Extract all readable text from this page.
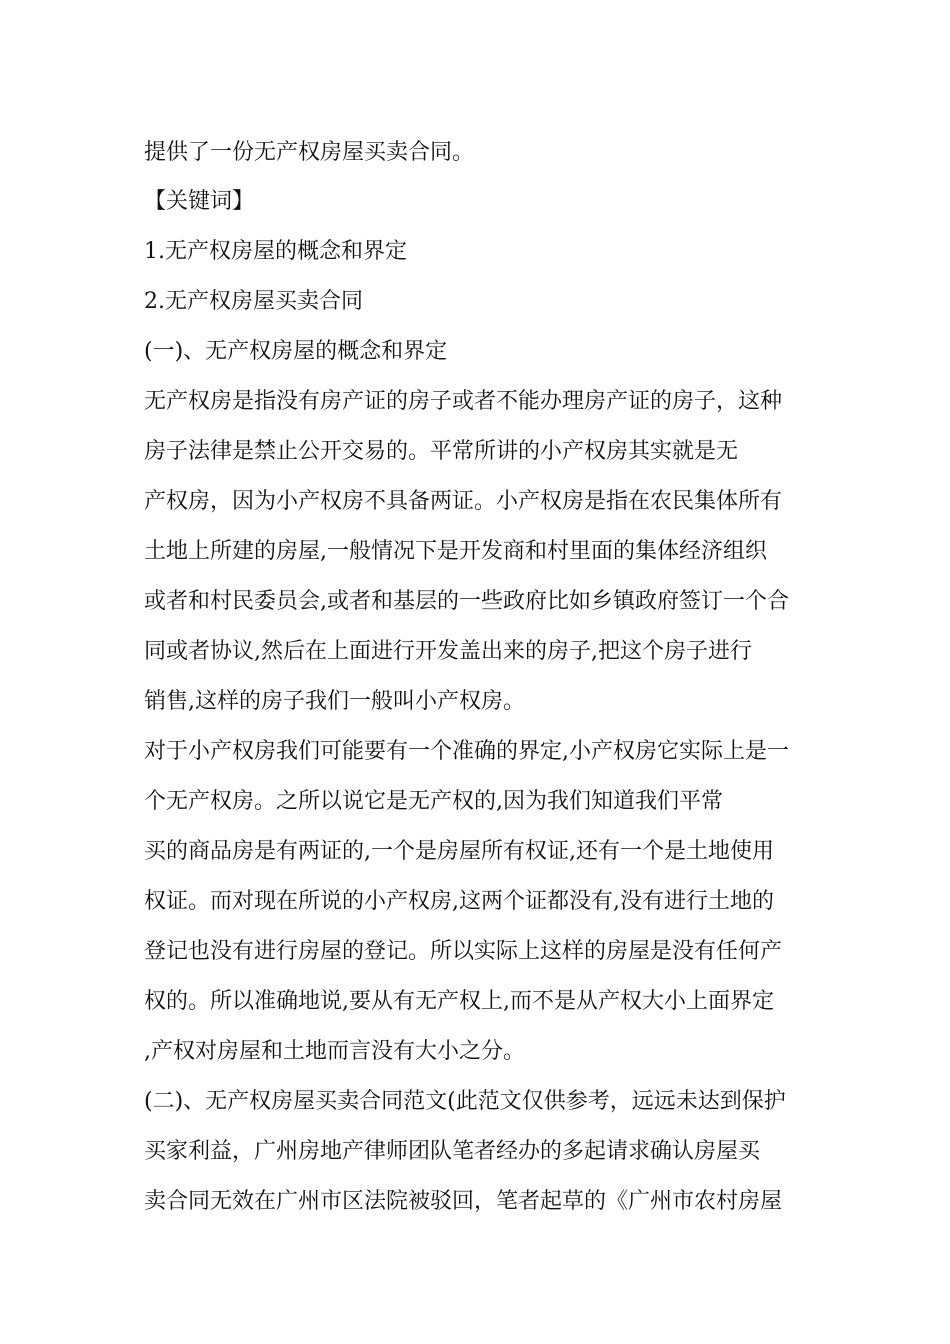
提供了一份无产权房屋买卖合同。
【关键词】
1.无产权房屋的概念和界定
2.无产权房屋买卖合同
(一)、无产权房屋的概念和界定
无产权房是指没有房产证的房子或者不能办理房产证的房子，这种
房子法律是禁止公开交易的。平常所讲的小产权房其实就是无
产权房，因为小产权房不具备两证。小产权房是指在农民集体所有
土地上所建的房屋,一般情况下是开发商和村里面的集体经济组织
或者和村民委员会,或者和基层的一些政府比如乡镇政府签订一个合
同或者协议,然后在上面进行开发盖出来的房子,把这个房子进行
销售,这样的房子我们一般叫小产权房。
对于小产权房我们可能要有一个准确的界定,小产权房它实际上是一
个无产权房。之所以说它是无产权的,因为我们知道我们平常
买的商品房是有两证的,一个是房屋所有权证,还有一个是土地使用
权证。而对现在所说的小产权房,这两个证都没有,没有进行土地的
登记也没有进行房屋的登记。所以实际上这样的房屋是没有任何产
权的。所以准确地说,要从有无产权上,而不是从产权大小上面界定
,产权对房屋和土地而言没有大小之分。
(二)、无产权房屋买卖合同范文(此范文仅供参考，远远未达到保护
买家利益，广州房地产律师团队笔者经办的多起请求确认房屋买
卖合同无效在广州市区法院被驳回，笔者起草的《广州市农村房屋
